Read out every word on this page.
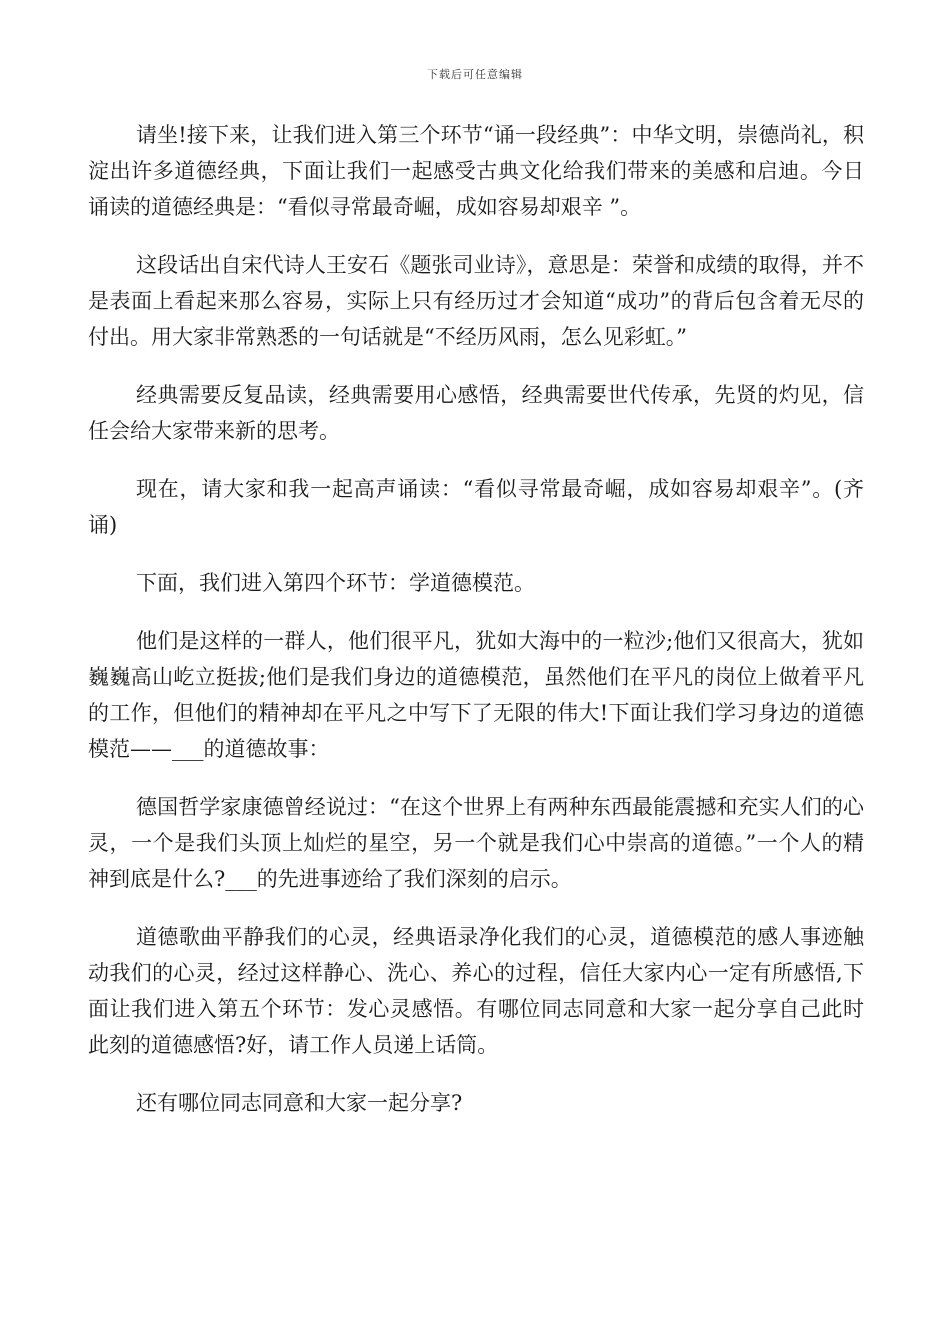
下载后可任意编辑

请坐!接下来，让我们进入第三个环节“诵一段经典”：中华文明，崇德尚礼，积淀出许多道德经典，下面让我们一起感受古典文化给我们带来的美感和启迪。今日诵读的道德经典是：“看似寻常最奇崛，成如容易却艰辛 ”。

这段话出自宋代诗人王安石《题张司业诗》，意思是：荣誉和成绩的取得，并不是表面上看起来那么容易，实际上只有经历过才会知道“成功”的背后包含着无尽的付出。用大家非常熟悉的一句话就是“不经历风雨，怎么见彩虹。”

经典需要反复品读，经典需要用心感悟，经典需要世代传承，先贤的灼见，信任会给大家带来新的思考。

现在，请大家和我一起高声诵读：“看似寻常最奇崛，成如容易却艰辛”。(齐诵)

下面，我们进入第四个环节：学道德模范。

他们是这样的一群人，他们很平凡，犹如大海中的一粒沙;他们又很高大，犹如巍巍高山屹立挺拔;他们是我们身边的道德模范，虽然他们在平凡的岗位上做着平凡的工作，但他们的精神却在平凡之中写下了无限的伟大!下面让我们学习身边的道德模范——___的道德故事：

德国哲学家康德曾经说过：“在这个世界上有两种东西最能震撼和充实人们的心灵，一个是我们头顶上灿烂的星空，另一个就是我们心中崇高的道德。”一个人的精神到底是什么?___的先进事迹给了我们深刻的启示。

道德歌曲平静我们的心灵，经典语录净化我们的心灵，道德模范的感人事迹触动我们的心灵，经过这样静心、洗心、养心的过程，信任大家内心一定有所感悟,下面让我们进入第五个环节：发心灵感悟。有哪位同志同意和大家一起分享自己此时此刻的道德感悟?好，请工作人员递上话筒。

还有哪位同志同意和大家一起分享?
